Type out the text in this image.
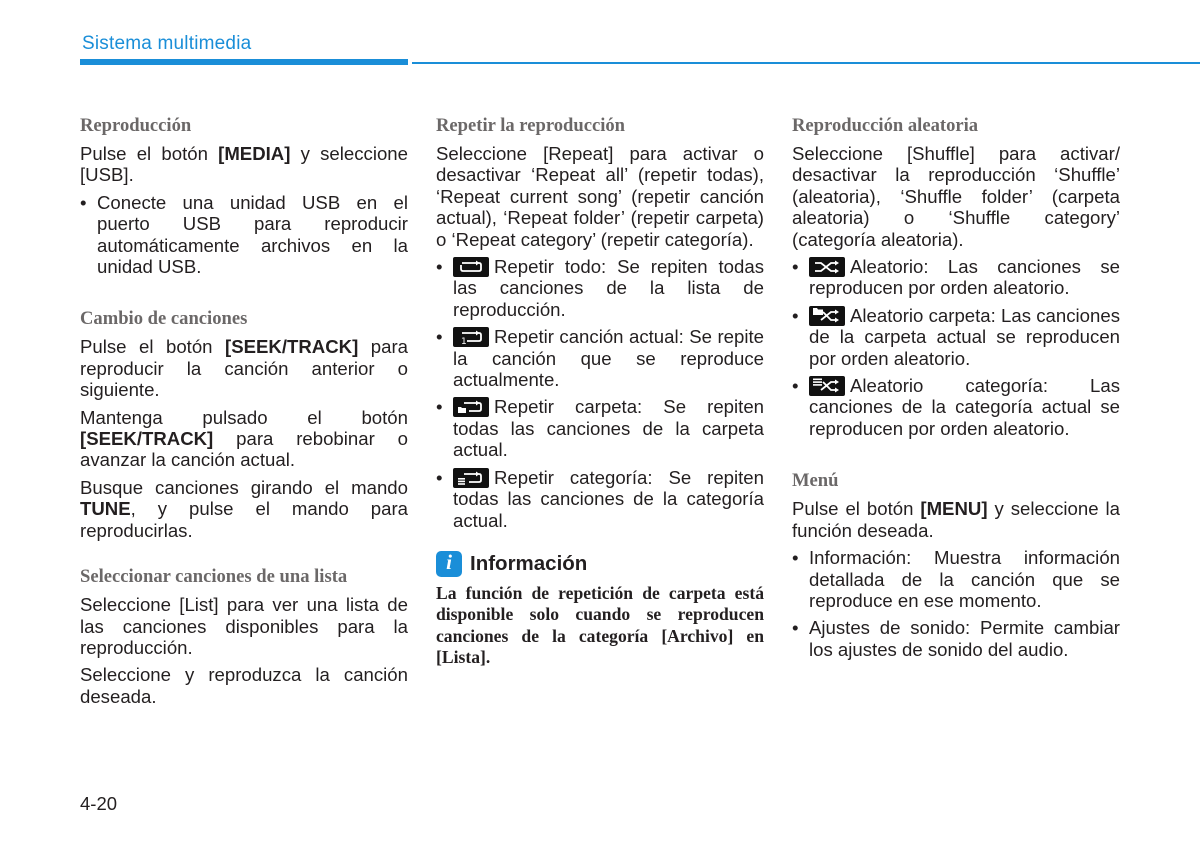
Sistema multimedia
Reproducción

Pulse el botón [MEDIA] y seleccione [USB].

• Conecte una unidad USB en el puerto USB para reproducir automáticamente archivos en la unidad USB.
Cambio de canciones

Pulse el botón [SEEK/TRACK] para reproducir la canción anterior o siguiente.

Mantenga pulsado el botón [SEEK/TRACK] para rebobinar o avanzar la canción actual.

Busque canciones girando el mando TUNE, y pulse el mando para reproducirlas.

Seleccionar canciones de una lista

Seleccione [List] para ver una lista de las canciones disponibles para la reproducción.

Seleccione y reproduzca la canción deseada.

Repetir la reproducción

Seleccione [Repeat] para activar o desactivar ‘Repeat all’ (repetir todas), ‘Repeat current song’ (repetir canción actual), ‘Repeat folder’ (repetir carpeta) o ‘Repeat category’ (repetir categoría).

•	Repetir todo: Se repiten todas las canciones de la lista de reproducción.
• 1 Repetir canción actual: Se repite la canción que se reproduce actualmente.
•	Repetir carpeta: Se repiten todas las canciones de la carpeta actual.
•	Repetir categoría: Se repiten todas las canciones de la categoría actual.
i Información
La función de repetición de carpeta está disponible solo cuando se reproducen canciones de la categoría [Archivo] en [Lista].
Reproducción aleatoria

Seleccione [Shuffle] para activar/ desactivar la reproducción ‘Shuffle’ (aleatoria), ‘Shuffle folder’ (carpeta aleatoria) o ‘Shuffle category’ (categoría aleatoria).

•	Aleatorio: Las canciones se reproducen por orden aleatorio.
•	Aleatorio carpeta: Las canciones de la carpeta actual se reproducen por orden aleatorio.
•	Aleatorio categoría: Las canciones de la categoría actual se reproducen por orden aleatorio.
Menú

Pulse el botón [MENU] y seleccione la función deseada.

• Información: Muestra información detallada de la canción que se reproduce en ese momento.
• Ajustes de sonido: Permite cambiar los ajustes de sonido del audio.
4-20
